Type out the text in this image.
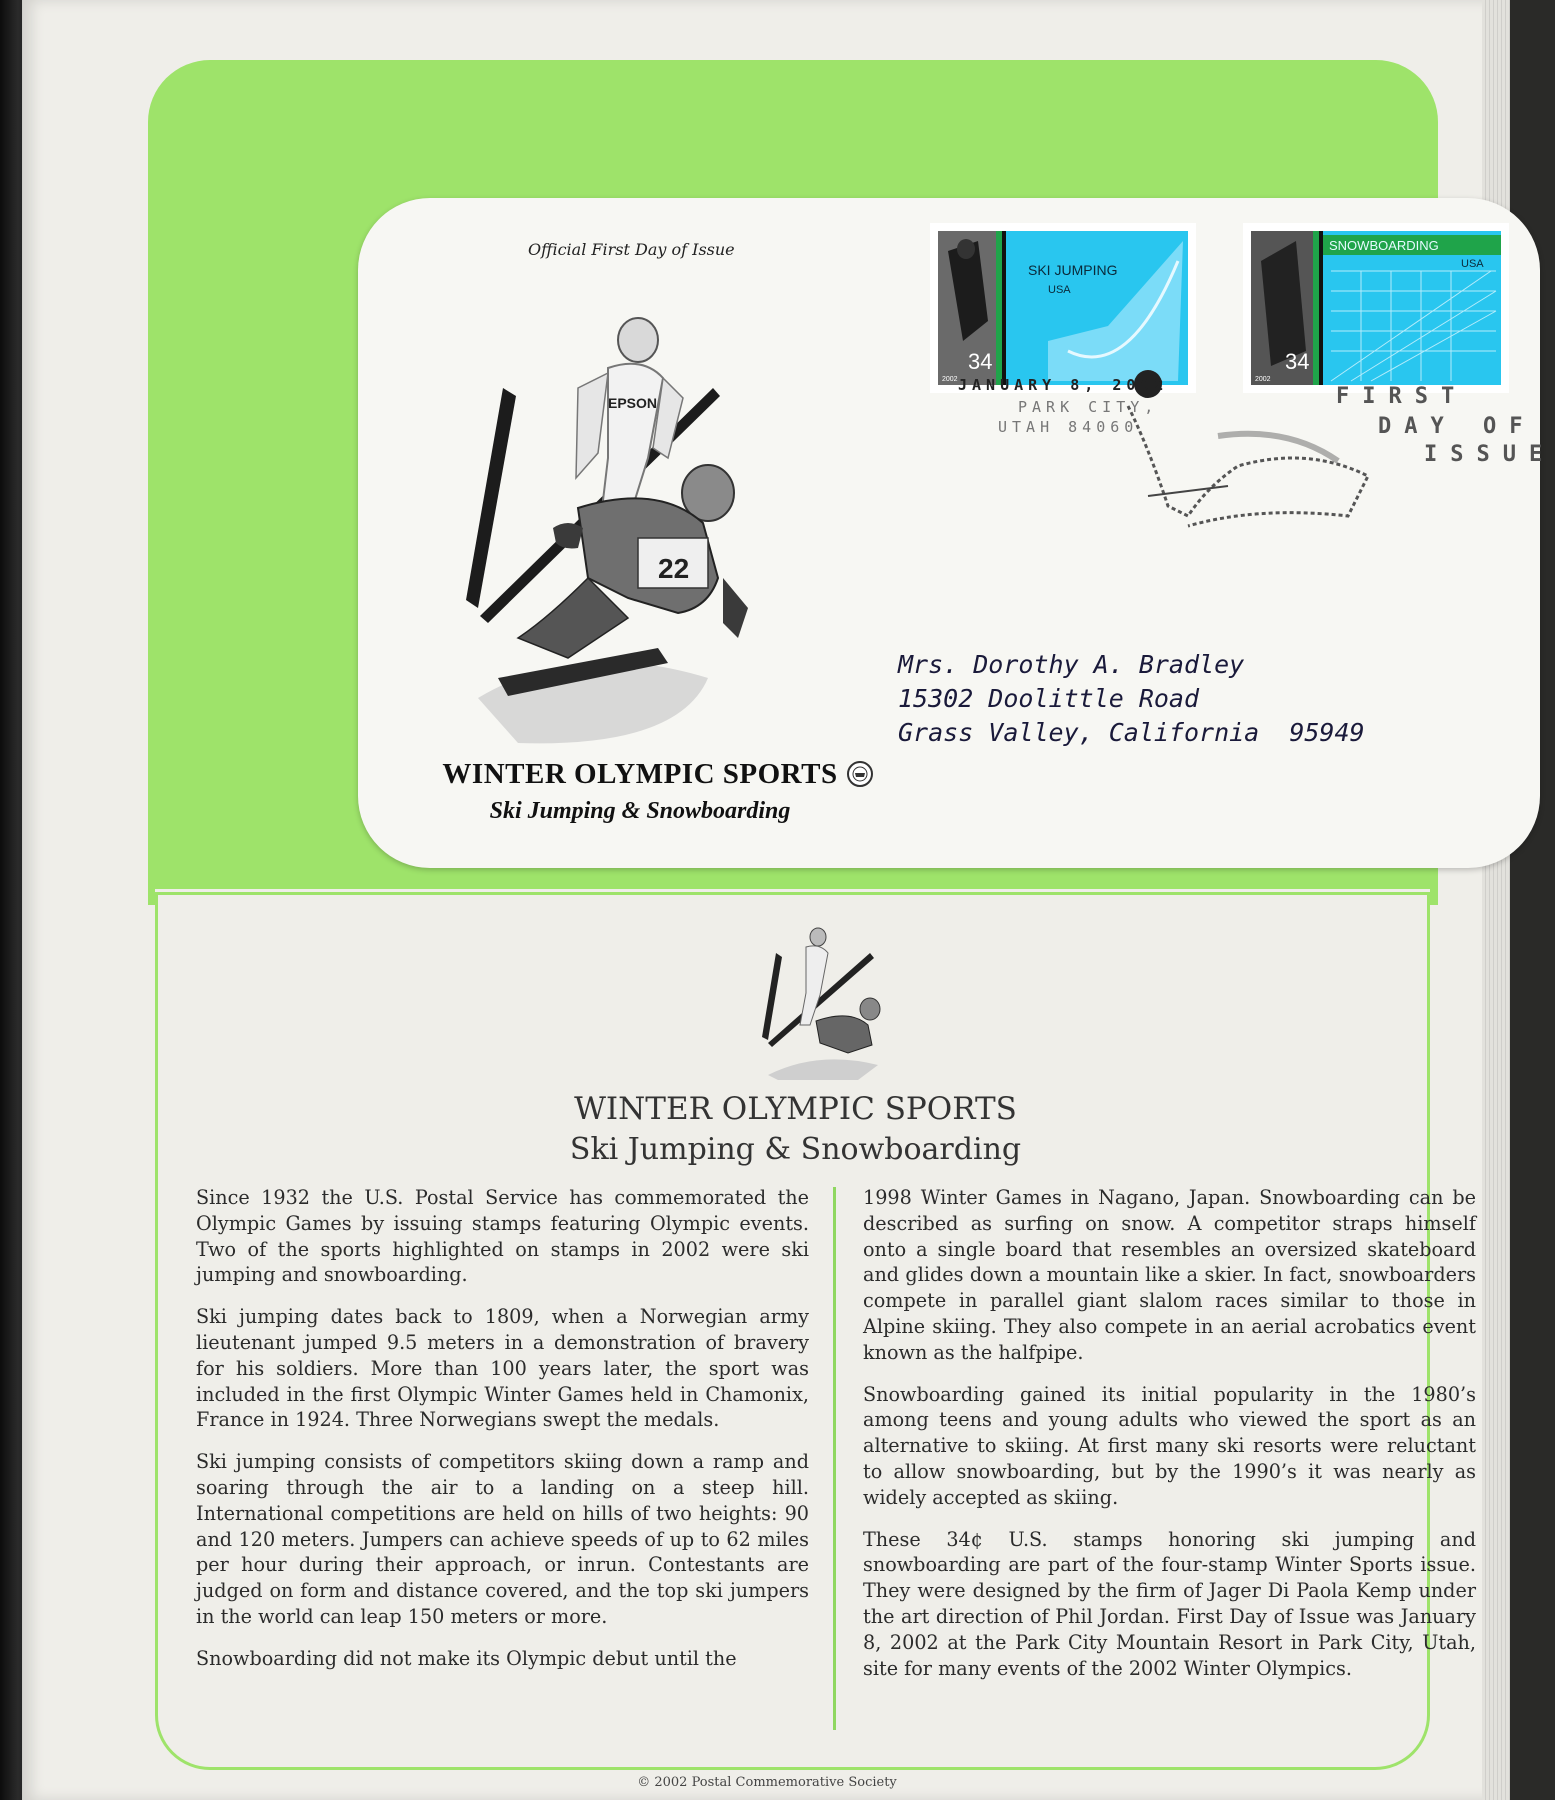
Official First Day of Issue
EPSON
22
WINTER OLYMPIC SPORTS
Ski Jumping & Snowboarding
SKI JUMPING
USA
34
2002
SNOWBOARDING
USA
34
2002
JANUARY 8, 2002
PARK CITY,
UTAH 84060
FIRST
DAY OF
ISSUE
Mrs. Dorothy A. Bradley
15302 Doolittle Road
Grass Valley, California  95949
WINTER OLYMPIC SPORTS
Ski Jumping & Snowboarding

Since 1932 the U.S. Postal Service has commemorated the Olympic Games by issuing stamps featuring Olympic events. Two of the sports highlighted on stamps in 2002 were ski jumping and snowboarding.

Ski jumping dates back to 1809, when a Norwegian army lieutenant jumped 9.5 meters in a demonstration of bravery for his soldiers. More than 100 years later, the sport was included in the first Olympic Winter Games held in Chamonix, France in 1924. Three Norwegians swept the medals.

Ski jumping consists of competitors skiing down a ramp and soaring through the air to a landing on a steep hill. International competitions are held on hills of two heights: 90 and 120 meters. Jumpers can achieve speeds of up to 62 miles per hour during their approach, or inrun. Contestants are judged on form and distance covered, and the top ski jumpers in the world can leap 150 meters or more.

Snowboarding did not make its Olympic debut until the

1998 Winter Games in Nagano, Japan. Snowboarding can be described as surfing on snow. A competitor straps himself onto a single board that resembles an oversized skateboard and glides down a mountain like a skier. In fact, snowboarders compete in parallel giant slalom races similar to those in Alpine skiing. They also compete in an aerial acrobatics event known as the halfpipe.

Snowboarding gained its initial popularity in the 1980’s among teens and young adults who viewed the sport as an alternative to skiing. At first many ski resorts were reluctant to allow snowboarding, but by the 1990’s it was nearly as widely accepted as skiing.

These 34¢ U.S. stamps honoring ski jumping and snowboarding are part of the four-stamp Winter Sports issue. They were designed by the firm of Jager Di Paola Kemp under the art direction of Phil Jordan. First Day of Issue was January 8, 2002 at the Park City Mountain Resort in Park City, Utah, site for many events of the 2002 Winter Olympics.

© 2002 Postal Commemorative Society
